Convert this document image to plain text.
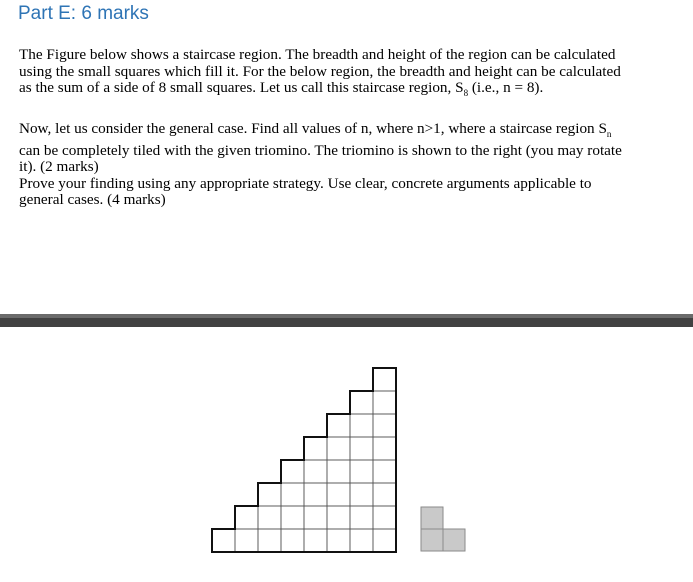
Part E: 6 marks

The Figure below shows a staircase region. The breadth and height of the region can be calculated

using the small squares which fill it. For the below region, the breadth and height can be calculated

as the sum of a side of 8 small squares. Let us call this staircase region, $S_8$ (i.e., n = 8).

Now, let us consider the general case. Find all values of n, where n>1, where a staircase region $S_n$

can be completely tiled with the given triomino. The triomino is shown to the right (you may rotate

it). (2 marks)

Prove your finding using any appropriate strategy. Use clear, concrete arguments applicable to

general cases. (4 marks)
